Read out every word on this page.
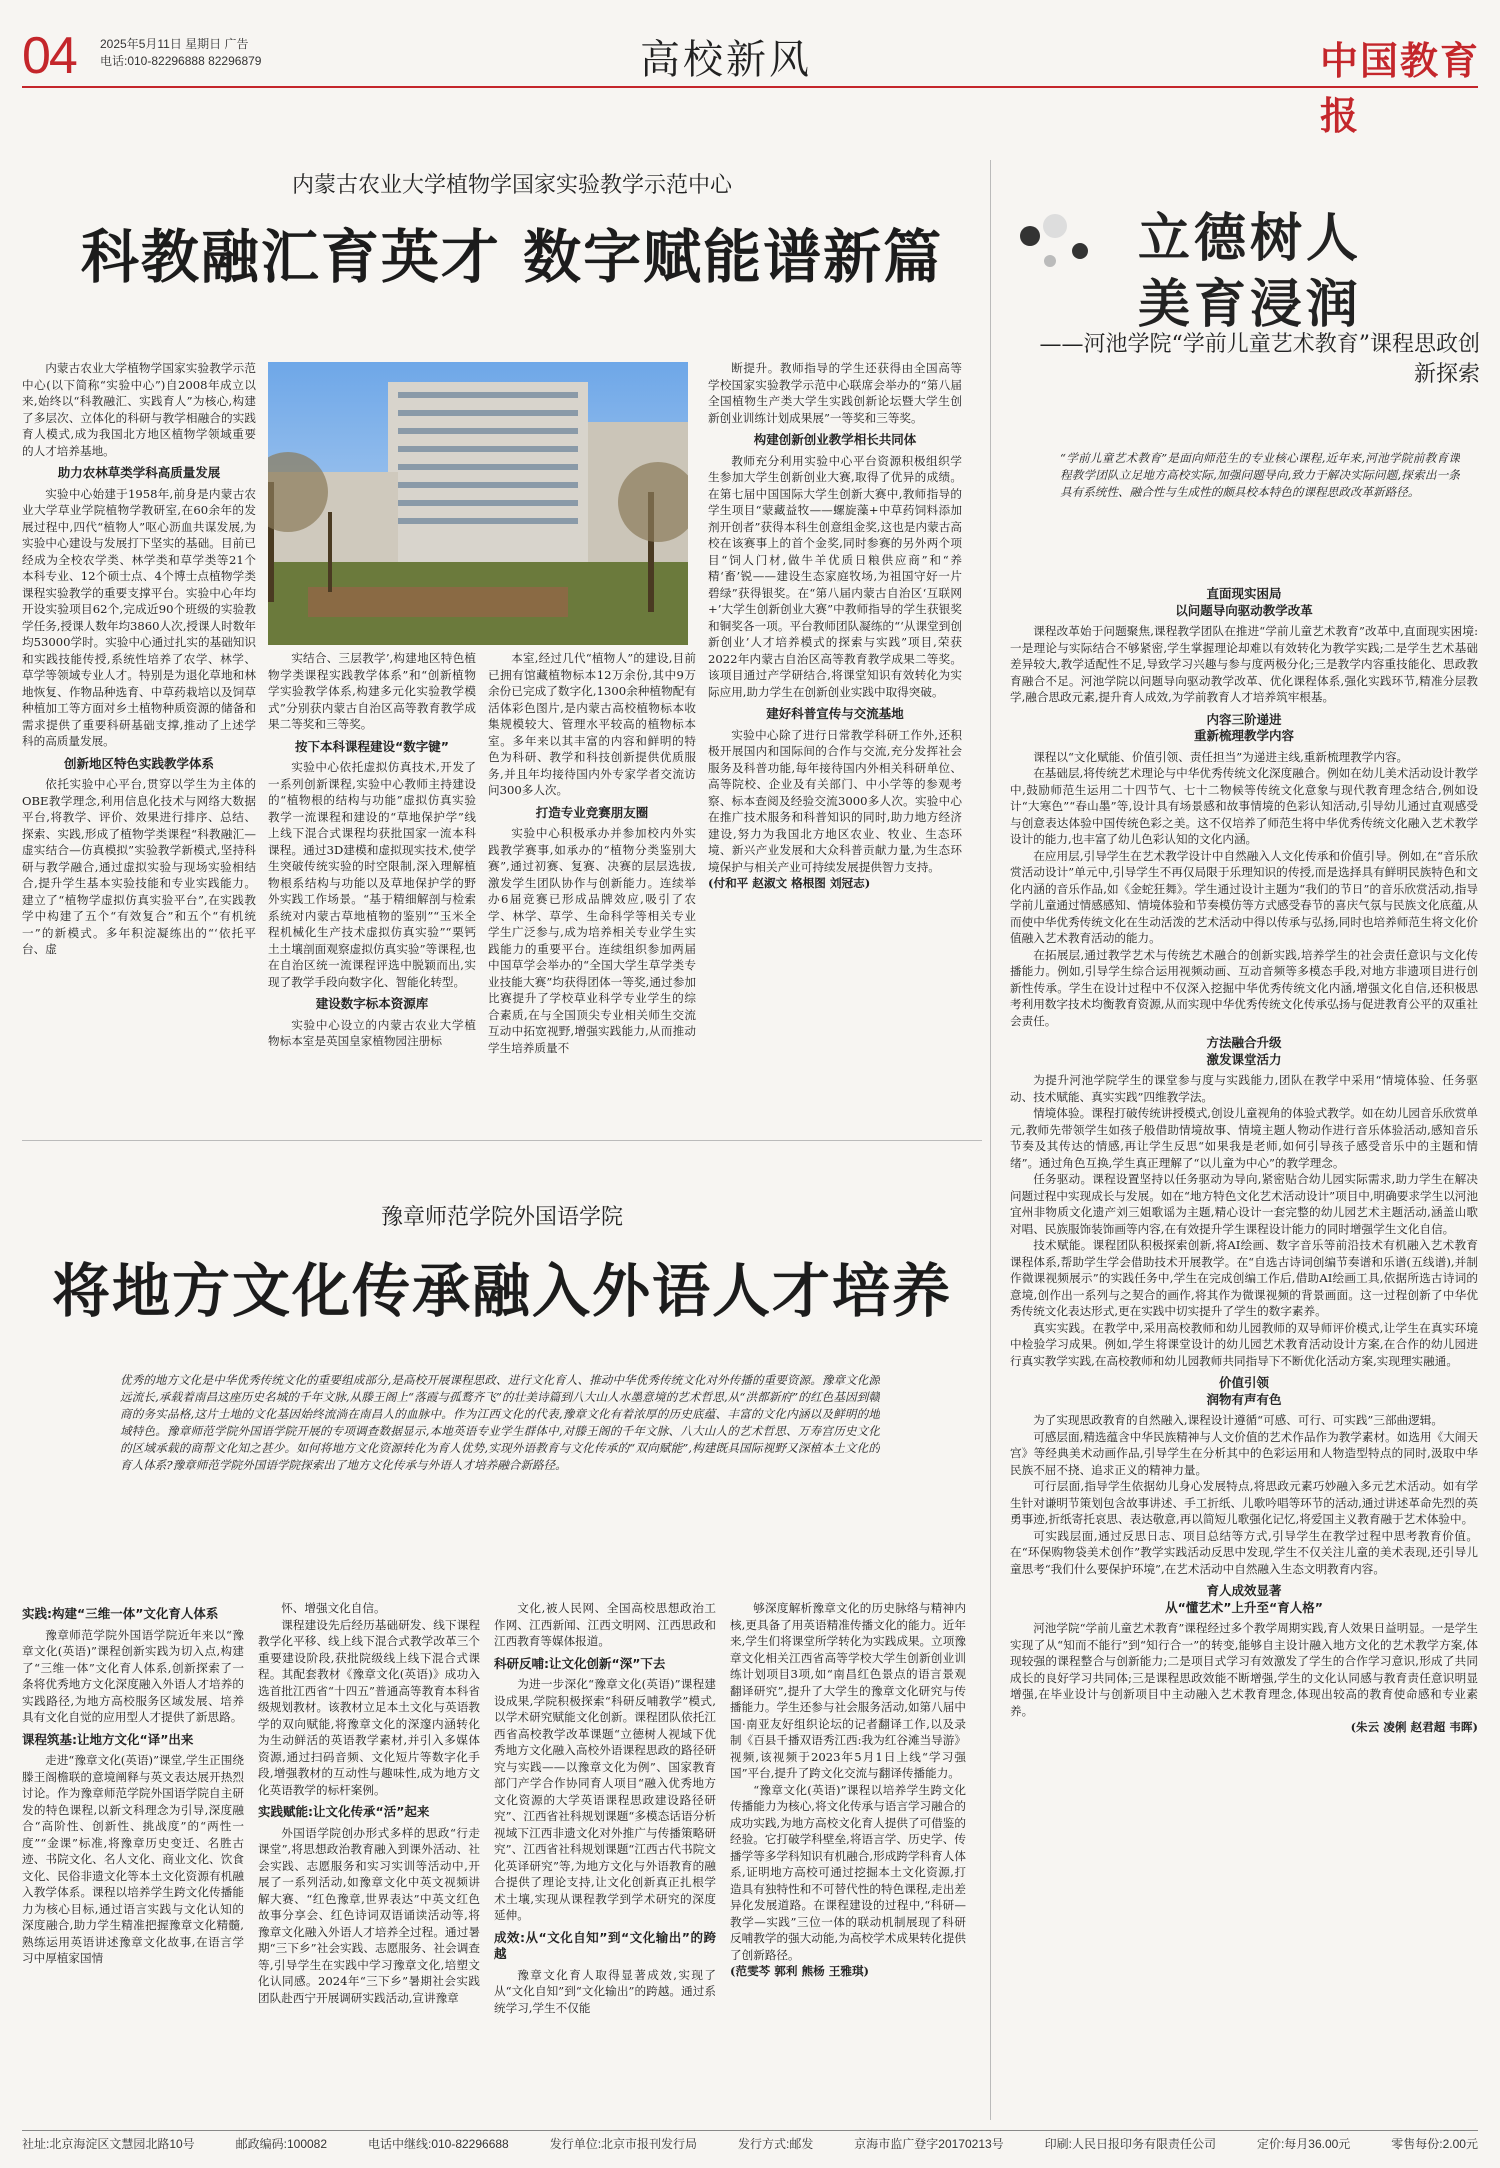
04 2025年5月11日 星期日 广告
电话:010-82296888 82296879	高校新风	中国教育报
内蒙古农业大学植物学国家实验教学示范中心
科教融汇育英才 数字赋能谱新篇

内蒙古农业大学植物学国家实验教学示范中心(以下简称“实验中心”)自2008年成立以来,始终以“科教融汇、实践育人”为核心,构建了多层次、立体化的科研与教学相融合的实践育人模式,成为我国北方地区植物学领域重要的人才培养基地。

助力农林草类学科高质量发展

实验中心始建于1958年,前身是内蒙古农业大学草业学院植物学教研室,在60余年的发展过程中,四代“植物人”呕心沥血共谋发展,为实验中心建设与发展打下坚实的基础。目前已经成为全校农学类、林学类和草学类等21个本科专业、12个硕士点、4个博士点植物学类课程实验教学的重要支撑平台。实验中心年均开设实验项目62个,完成近90个班级的实验教学任务,授课人数年均3860人次,授课人时数年均53000学时。实验中心通过扎实的基础知识和实践技能传授,系统性培养了农学、林学、草学等领域专业人才。特别是为退化草地和林地恢复、作物品种选育、中草药栽培以及饲草种植加工等方面对乡土植物种质资源的储备和需求提供了重要科研基础支撑,推动了上述学科的高质量发展。

创新地区特色实践教学体系

依托实验中心平台,贯穿以学生为主体的OBE教学理念,利用信息化技术与网络大数据平台,将教学、评价、效果进行排序、总结、探索、实践,形成了植物学类课程“科教融汇—虚实结合—仿真模拟”实验教学新模式,坚持科研与教学融合,通过虚拟实验与现场实验相结合,提升学生基本实验技能和专业实践能力。建立了“植物学虚拟仿真实验平台”,在实践教学中构建了五个“有效复合”和五个“有机统一”的新模式。多年积淀凝练出的“‘依托平台、虚

实结合、三层教学’,构建地区特色植物学类课程实践教学体系”和“创新植物学实验教学体系,构建多元化实验教学模式”分别获内蒙古自治区高等教育教学成果二等奖和三等奖。

按下本科课程建设“数字键”

实验中心依托虚拟仿真技术,开发了一系列创新课程,实验中心教师主持建设的“植物根的结构与功能”虚拟仿真实验教学一流课程和建设的“草地保护学”线上线下混合式课程均获批国家一流本科课程。通过3D建模和虚拟现实技术,使学生突破传统实验的时空限制,深入理解植物根系结构与功能以及草地保护学的野外实践工作场景。“基于精细解剖与检索系统对内蒙古草地植物的鉴别”“玉米全程机械化生产技术虚拟仿真实验”“栗钙土土壤剖面观察虚拟仿真实验”等课程,也在自治区统一流课程评选中脱颖而出,实现了教学手段向数字化、智能化转型。

建设数字标本资源库

实验中心设立的内蒙古农业大学植物标本室是英国皇家植物园注册标

本室,经过几代“植物人”的建设,目前已拥有馆藏植物标本12万余份,其中9万余份已完成了数字化,1300余种植物配有活体彩色图片,是内蒙古高校植物标本收集规模较大、管理水平较高的植物标本室。多年来以其丰富的内容和鲜明的特色为科研、教学和科技创新提供优质服务,并且年均接待国内外专家学者交流访问300多人次。

打造专业竞赛朋友圈

实验中心积极承办并参加校内外实践教学赛事,如承办的“植物分类鉴别大赛”,通过初赛、复赛、决赛的层层选拔,激发学生团队协作与创新能力。连续举办6届竞赛已形成品牌效应,吸引了农学、林学、草学、生命科学等相关专业学生广泛参与,成为培养相关专业学生实践能力的重要平台。连续组织参加两届中国草学会举办的“全国大学生草学类专业技能大赛”均获得团体一等奖,通过参加比赛提升了学校草业科学专业学生的综合素质,在与全国顶尖专业相关师生交流互动中拓宽视野,增强实践能力,从而推动学生培养质量不

断提升。教师指导的学生还获得由全国高等学校国家实验教学示范中心联席会举办的“第八届全国植物生产类大学生实践创新论坛暨大学生创新创业训练计划成果展”一等奖和三等奖。

构建创新创业教学相长共同体

教师充分利用实验中心平台资源积极组织学生参加大学生创新创业大赛,取得了优异的成绩。在第七届中国国际大学生创新大赛中,教师指导的学生项目“蒙藏益牧——螺旋藻+中草药饲料添加剂开创者”获得本科生创意组金奖,这也是内蒙古高校在该赛事上的首个金奖,同时参赛的另外两个项目“饲人门材,做牛羊优质日粮供应商”和“养精‘畜’锐——建设生态家庭牧场,为祖国守好一片碧绿”获得银奖。在“第八届内蒙古自治区‘互联网+’大学生创新创业大赛”中教师指导的学生获银奖和铜奖各一项。平台教师团队凝练的“‘从课堂到创新创业’人才培养模式的探索与实践”项目,荣获2022年内蒙古自治区高等教育教学成果二等奖。该项目通过产学研结合,将课堂知识有效转化为实际应用,助力学生在创新创业实践中取得突破。

建好科普宣传与交流基地

实验中心除了进行日常教学科研工作外,还积极开展国内和国际间的合作与交流,充分发挥社会服务及科普功能,每年接待国内外相关科研单位、高等院校、企业及有关部门、中小学等的参观考察、标本查阅及经验交流3000多人次。实验中心在推广技术服务和科普知识的同时,助力地方经济建设,努力为我国北方地区农业、牧业、生态环境、新兴产业发展和大众科普贡献力量,为生态环境保护与相关产业可持续发展提供智力支持。

(付和平 赵淑文 格根图 刘冠志)

豫章师范学院外国语学院
将地方文化传承融入外语人才培养
优秀的地方文化是中华优秀传统文化的重要组成部分,是高校开展课程思政、进行文化育人、推动中华优秀传统文化对外传播的重要资源。豫章文化源远流长,承载着南昌这座历史名城的千年文脉,从滕王阁上“落霞与孤鹜齐飞”的壮美诗篇到八大山人水墨意境的艺术哲思,从“洪都新府”的红色基因到赣商的务实品格,这片土地的文化基因始终流淌在南昌人的血脉中。作为江西文化的代表,豫章文化有着浓厚的历史底蕴、丰富的文化内涵以及鲜明的地域特色。豫章师范学院外国语学院开展的专项调查数据显示,本地英语专业学生群体中,对滕王阁的千年文脉、八大山人的艺术哲思、万寿宫历史文化的区域承载的商帮文化知之甚少。如何将地方文化资源转化为育人优势,实现外语教育与文化传承的“双向赋能”,构建既具国际视野又深植本土文化的育人体系?豫章师范学院外国语学院探索出了地方文化传承与外语人才培养融合新路径。
实践:构建“三维一体”文化育人体系

豫章师范学院外国语学院近年来以“豫章文化(英语)”课程创新实践为切入点,构建了“三维一体”文化育人体系,创新探索了一条将优秀地方文化深度融入外语人才培养的实践路径,为地方高校服务区域发展、培养具有文化自觉的应用型人才提供了新思路。

课程筑基:让地方文化“译”出来

走进“豫章文化(英语)”课堂,学生正围绕滕王阁檐联的意境阐释与英文表达展开热烈讨论。作为豫章师范学院外国语学院自主研发的特色课程,以新文科理念为引导,深度融合“高阶性、创新性、挑战度”的“两性一度”“金课”标准,将豫章历史变迁、名胜古迹、书院文化、名人文化、商业文化、饮食文化、民俗非遗文化等本土文化资源有机融入教学体系。课程以培养学生跨文化传播能力为核心目标,通过语言实践与文化认知的深度融合,助力学生精准把握豫章文化精髓,熟练运用英语讲述豫章文化故事,在语言学习中厚植家国情

怀、增强文化自信。

课程建设先后经历基础研发、线下课程教学化平移、线上线下混合式教学改革三个重要建设阶段,获批院级线上线下混合式课程。其配套教材《豫章文化(英语)》成功入选首批江西省“十四五”普通高等教育本科省级规划教材。该教材立足本土文化与英语教学的双向赋能,将豫章文化的深邃内涵转化为生动鲜活的英语教学素材,并引入多媒体资源,通过扫码音频、文化短片等数字化手段,增强教材的互动性与趣味性,成为地方文化英语教学的标杆案例。

实践赋能:让文化传承“活”起来

外国语学院创办形式多样的思政“行走课堂”,将思想政治教育融入到课外活动、社会实践、志愿服务和实习实训等活动中,开展了一系列活动,如豫章文化中英文视频讲解大赛、“红色豫章,世界表达”中英文红色故事分享会、红色诗词双语诵读活动等,将豫章文化融入外语人才培养全过程。通过暑期“三下乡”社会实践、志愿服务、社会调查等,引导学生在实践中学习豫章文化,培塑文化认同感。2024年“三下乡”暑期社会实践团队赴西宁开展调研实践活动,宣讲豫章

文化,被人民网、全国高校思想政治工作网、江西新闻、江西文明网、江西思政和江西教育等媒体报道。

科研反哺:让文化创新“深”下去

为进一步深化“豫章文化(英语)”课程建设成果,学院积极探索“科研反哺教学”模式,以学术研究赋能文化创新。课程团队依托江西省高校教学改革课题“立德树人视域下优秀地方文化融入高校外语课程思政的路径研究与实践——以豫章文化为例”、国家教育部门产学合作协同育人项目“融入优秀地方文化资源的大学英语课程思政建设路径研究”、江西省社科规划课题“多模态话语分析视域下江西非遗文化对外推广与传播策略研究”、江西省社科规划课题“江西古代书院文化英译研究”等,为地方文化与外语教育的融合提供了理论支持,让文化创新真正扎根学术土壤,实现从课程教学到学术研究的深度延伸。

成效:从“文化自知”到“文化输出”的跨越

豫章文化育人取得显著成效,实现了从“文化自知”到“文化输出”的跨越。通过系统学习,学生不仅能

够深度解析豫章文化的历史脉络与精神内核,更具备了用英语精准传播文化的能力。近年来,学生们将课堂所学转化为实践成果。立项豫章文化相关江西省高等学校大学生创新创业训练计划项目3项,如“南昌红色景点的语言景观翻译研究”,提升了大学生的豫章文化研究与传播能力。学生还参与社会服务活动,如第八届中国·南亚友好组织论坛的记者翻译工作,以及录制《百县千播双语秀江西:我为红谷滩当导游》视频,该视频于2023年5月1日上线“学习强国”平台,提升了跨文化交流与翻译传播能力。

“豫章文化(英语)”课程以培养学生跨文化传播能力为核心,将文化传承与语言学习融合的成功实践,为地方高校文化育人提供了可借鉴的经验。它打破学科壁垒,将语言学、历史学、传播学等多学科知识有机融合,形成跨学科育人体系,证明地方高校可通过挖掘本土文化资源,打造具有独特性和不可替代性的特色课程,走出差异化发展道路。在课程建设的过程中,“科研—教学—实践”三位一体的联动机制展现了科研反哺教学的强大动能,为高校学术成果转化提供了创新路径。

(范雯芩 郭利 熊杨 王雅琪)

立德树人
美育浸润
——河池学院“学前儿童艺术教育”课程思政创新探索
“学前儿童艺术教育”是面向师范生的专业核心课程,近年来,河池学院前教育课程教学团队立足地方高校实际,加强问题导向,致力于解决实际问题,探索出一条具有系统性、融合性与生成性的颇具校本特色的课程思政改革新路径。
直面现实困局
以问题导向驱动教学改革

课程改革始于问题聚焦,课程教学团队在推进“学前儿童艺术教育”改革中,直面现实困境:一是理论与实际结合不够紧密,学生掌握理论却难以有效转化为教学实践;二是学生艺术基础差异较大,教学适配性不足,导致学习兴趣与参与度两极分化;三是教学内容重技能化、思政教育融合不足。河池学院以问题导向驱动教学改革、优化课程体系,强化实践环节,精准分层教学,融合思政元素,提升育人成效,为学前教育人才培养筑牢根基。

内容三阶递进
重新梳理教学内容

课程以“文化赋能、价值引领、责任担当”为递进主线,重新梳理教学内容。

在基础层,将传统艺术理论与中华优秀传统文化深度融合。例如在幼儿美术活动设计教学中,鼓励师范生运用二十四节气、七十二物候等传统文化意象与现代教育理念结合,例如设计“大寒色”“春山墨”等,设计具有场景感和故事情境的色彩认知活动,引导幼儿通过直观感受与创意表达体验中国传统色彩之美。这不仅培养了师范生将中华优秀传统文化融入艺术教学设计的能力,也丰富了幼儿色彩认知的文化内涵。

在应用层,引导学生在艺术教学设计中自然融入人文化传承和价值引导。例如,在“音乐欣赏活动设计”单元中,引导学生不再仅局限于乐理知识的传授,而是选择具有鲜明民族特色和文化内涵的音乐作品,如《金蛇狂舞》。学生通过设计主题为“我们的节日”的音乐欣赏活动,指导学前儿童通过情感感知、情境体验和节奏模仿等方式感受春节的喜庆气氛与民族文化底蕴,从而使中华优秀传统文化在生动活泼的艺术活动中得以传承与弘扬,同时也培养师范生将文化价值融入艺术教育活动的能力。

在拓展层,通过教学艺术与传统艺术融合的创新实践,培养学生的社会责任意识与文化传播能力。例如,引导学生综合运用视频动画、互动音频等多模态手段,对地方非遗项目进行创新性传承。学生在设计过程中不仅深入挖掘中华优秀传统文化内涵,增强文化自信,还积极思考利用数字技术均衡教育资源,从而实现中华优秀传统文化传承弘扬与促进教育公平的双重社会责任。

方法融合升级
激发课堂活力

为提升河池学院学生的课堂参与度与实践能力,团队在教学中采用“情境体验、任务驱动、技术赋能、真实实践”四维教学法。

情境体验。课程打破传统讲授模式,创设儿童视角的体验式教学。如在幼儿园音乐欣赏单元,教师先带领学生如孩子般借助情境故事、情境主题人物动作进行音乐体验活动,感知音乐节奏及其传达的情感,再让学生反思“如果我是老师,如何引导孩子感受音乐中的主题和情绪”。通过角色互换,学生真正理解了“以儿童为中心”的教学理念。

任务驱动。课程设置坚持以任务驱动为导向,紧密贴合幼儿园实际需求,助力学生在解决问题过程中实现成长与发展。如在“地方特色文化艺术活动设计”项目中,明确要求学生以河池宜州非物质文化遗产刘三姐歌谣为主题,精心设计一套完整的幼儿园艺术主题活动,涵盖山歌对唱、民族服饰装饰画等内容,在有效提升学生课程设计能力的同时增强学生文化自信。

技术赋能。课程团队积极探索创新,将AI绘画、数字音乐等前沿技术有机融入艺术教育课程体系,帮助学生学会借助技术开展教学。在“自选古诗词创编节奏谱和乐谱(五线谱),并制作微课视频展示”的实践任务中,学生在完成创编工作后,借助AI绘画工具,依据所选古诗词的意境,创作出一系列与之契合的画作,将其作为微课视频的背景画面。这一过程创新了中华优秀传统文化表达形式,更在实践中切实提升了学生的数字素养。

真实实践。在教学中,采用高校教师和幼儿园教师的双导师评价模式,让学生在真实环境中检验学习成果。例如,学生将课堂设计的幼儿园艺术教育活动设计方案,在合作的幼儿园进行真实教学实践,在高校教师和幼儿园教师共同指导下不断优化活动方案,实现理实融通。

价值引领
润物有声有色

为了实现思政教育的自然融入,课程设计遵循“可感、可行、可实践”三部曲逻辑。

可感层面,精选蕴含中华民族精神与人文价值的艺术作品作为教学素材。如选用《大闹天宫》等经典美术动画作品,引导学生在分析其中的色彩运用和人物造型特点的同时,汲取中华民族不屈不挠、追求正义的精神力量。

可行层面,指导学生依据幼儿身心发展特点,将思政元素巧妙融入多元艺术活动。如有学生针对谦明节策划包含故事讲述、手工折纸、儿歌吟唱等环节的活动,通过讲述革命先烈的英勇事迹,折纸寄托哀思、表达敬意,再以简短儿歌强化记忆,将爱国主义教育融于艺术体验中。

可实践层面,通过反思日志、项目总结等方式,引导学生在教学过程中思考教育价值。在“环保购物袋美术创作”教学实践活动反思中发现,学生不仅关注儿童的美术表现,还引导儿童思考“我们什么要保护环境”,在艺术活动中自然融入生态文明教育内容。

育人成效显著
从“懂艺术”上升至“育人格”

河池学院“学前儿童艺术教育”课程经过多个教学周期实践,育人效果日益明显。一是学生实现了从“知而不能行”到“知行合一”的转变,能够自主设计融入地方文化的艺术教学方案,体现较强的课程整合与创新能力;二是项目式学习有效激发了学生的合作学习意识,形成了共同成长的良好学习共同体;三是课程思政效能不断增强,学生的文化认同感与教育责任意识明显增强,在毕业设计与创新项目中主动融入艺术教育理念,体现出较高的教育使命感和专业素养。

(朱云 凌俐 赵君超 韦晖)

社址:北京海淀区文慧园北路10号	邮政编码:100082	电话中继线:010-82296688	发行单位:北京市报刊发行局	发行方式:邮发	京海市监广登字20170213号	印刷:人民日报印务有限责任公司	定价:每月36.00元	零售每份:2.00元
